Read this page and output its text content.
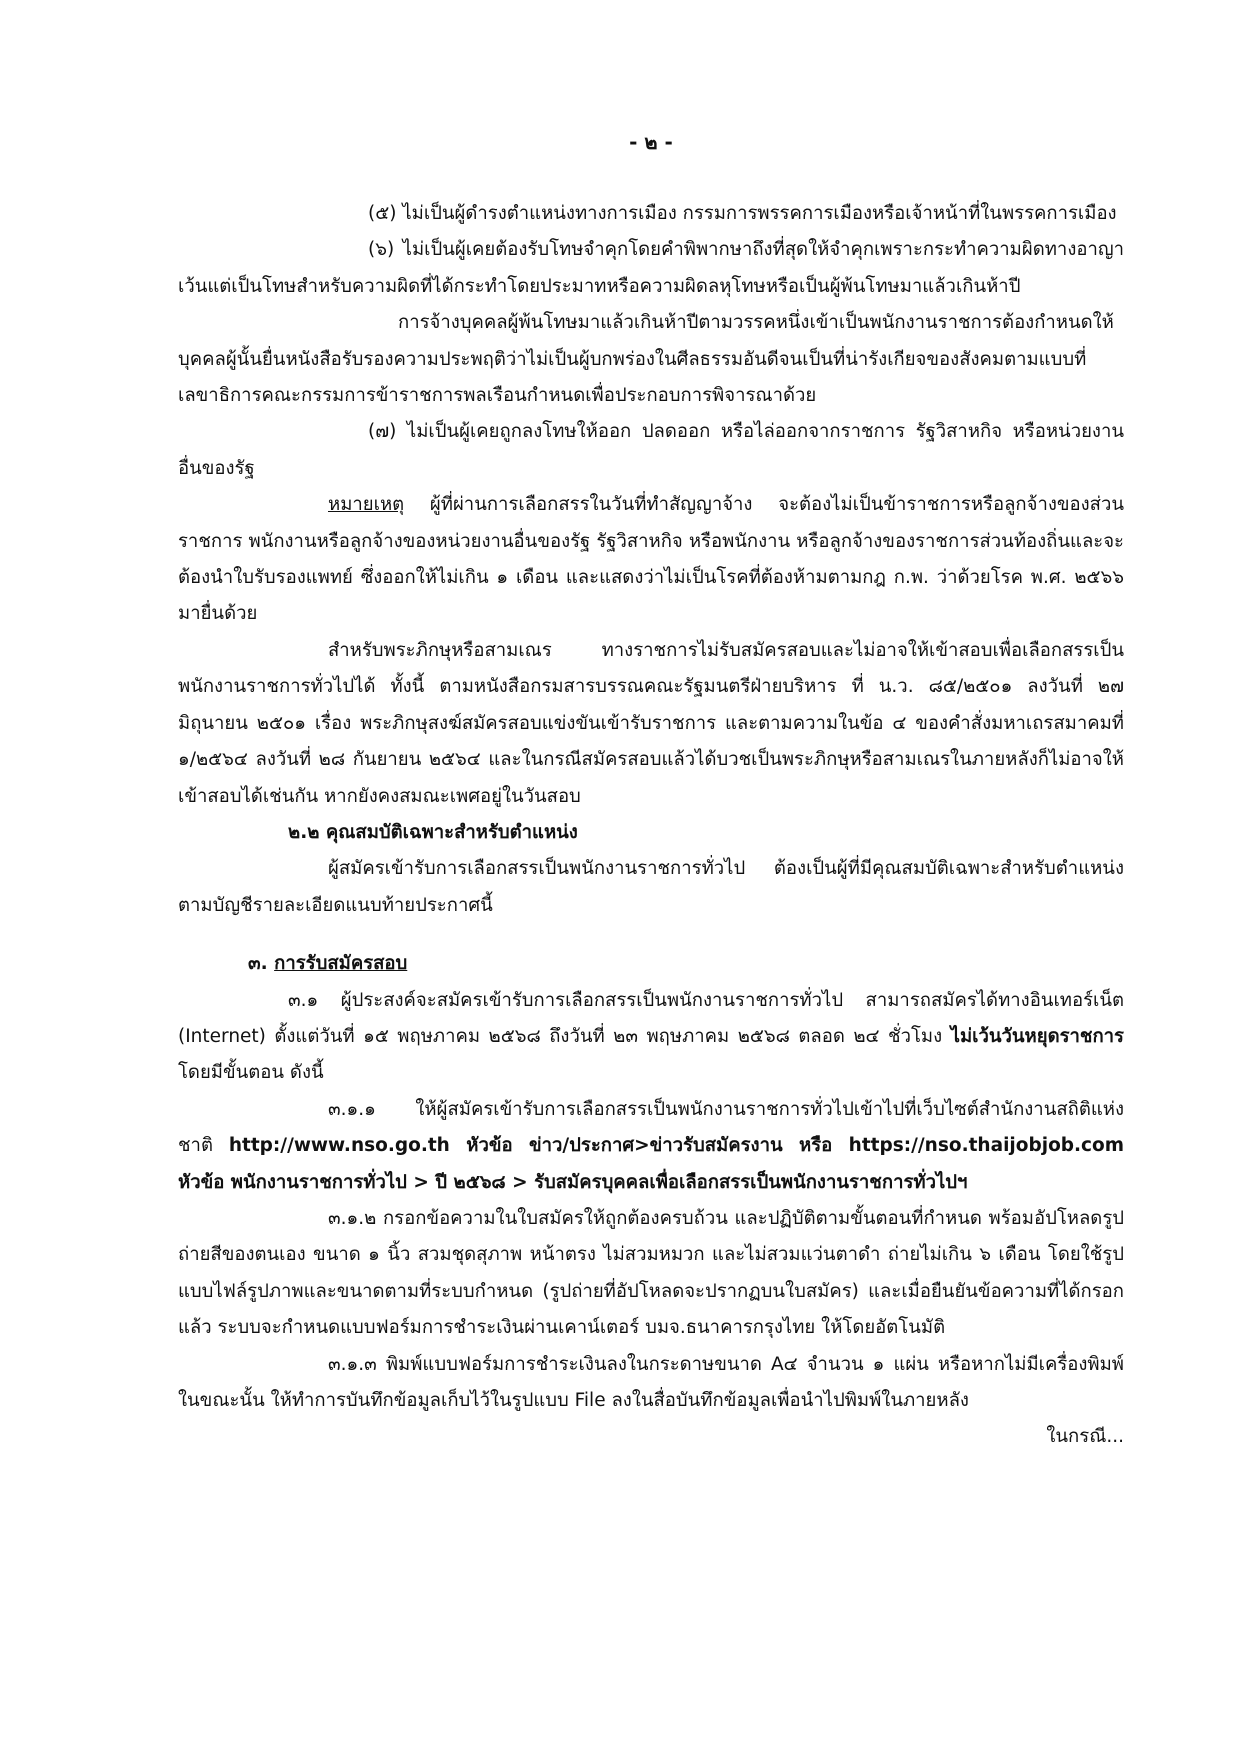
- ๒ -

(๕) ไม่เป็นผู้ดำรงตำแหน่งทางการเมือง กรรมการพรรคการเมืองหรือเจ้าหน้าที่ในพรรคการเมือง

(๖) ไม่เป็นผู้เคยต้องรับโทษจำคุกโดยคำพิพากษาถึงที่สุดให้จำคุกเพราะกระทำความผิดทางอาญาเว้นแต่เป็นโทษสำหรับความผิดที่ได้กระทำโดยประมาทหรือความผิดลหุโทษหรือเป็นผู้พ้นโทษมาแล้วเกินห้าปี

การจ้างบุคคลผู้พ้นโทษมาแล้วเกินห้าปีตามวรรคหนึ่งเข้าเป็นพนักงานราชการต้องกำหนดให้บุคคลผู้นั้นยื่นหนังสือรับรองความประพฤติว่าไม่เป็นผู้บกพร่องในศีลธรรมอันดีจนเป็นที่น่ารังเกียจของสังคมตามแบบที่เลขาธิการคณะกรรมการข้าราชการพลเรือนกำหนดเพื่อประกอบการพิจารณาด้วย

(๗) ไม่เป็นผู้เคยถูกลงโทษให้ออก ปลดออก หรือไล่ออกจากราชการ รัฐวิสาหกิจ หรือหน่วยงานอื่นของรัฐ

หมายเหตุ ผู้ที่ผ่านการเลือกสรรในวันที่ทำสัญญาจ้าง จะต้องไม่เป็นข้าราชการหรือลูกจ้างของส่วนราชการ พนักงานหรือลูกจ้างของหน่วยงานอื่นของรัฐ รัฐวิสาหกิจ หรือพนักงาน หรือลูกจ้างของราชการส่วนท้องถิ่นและจะต้องนำใบรับรองแพทย์ ซึ่งออกให้ไม่เกิน ๑ เดือน และแสดงว่าไม่เป็นโรคที่ต้องห้ามตามกฎ ก.พ. ว่าด้วยโรค พ.ศ. ๒๕๖๖ มายื่นด้วย

สำหรับพระภิกษุหรือสามเณร ทางราชการไม่รับสมัครสอบและไม่อาจให้เข้าสอบเพื่อเลือกสรรเป็นพนักงานราชการทั่วไปได้ ทั้งนี้ ตามหนังสือกรมสารบรรณคณะรัฐมนตรีฝ่ายบริหาร ที่ น.ว. ๘๕/๒๕๐๑ ลงวันที่ ๒๗ มิถุนายน ๒๕๐๑ เรื่อง พระภิกษุสงฆ์สมัครสอบแข่งขันเข้ารับราชการ และตามความในข้อ ๔ ของคำสั่งมหาเถรสมาคมที่ ๑/๒๕๖๔ ลงวันที่ ๒๘ กันยายน ๒๕๖๔ และในกรณีสมัครสอบแล้วได้บวชเป็นพระภิกษุหรือสามเณรในภายหลังก็ไม่อาจให้เข้าสอบได้เช่นกัน หากยังคงสมณะเพศอยู่ในวันสอบ

๒.๒ คุณสมบัติเฉพาะสำหรับตำแหน่ง

ผู้สมัครเข้ารับการเลือกสรรเป็นพนักงานราชการทั่วไป ต้องเป็นผู้ที่มีคุณสมบัติเฉพาะสำหรับตำแหน่ง ตามบัญชีรายละเอียดแนบท้ายประกาศนี้

๓. การรับสมัครสอบ

๓.๑ ผู้ประสงค์จะสมัครเข้ารับการเลือกสรรเป็นพนักงานราชการทั่วไป สามารถสมัครได้ทางอินเทอร์เน็ต (Internet) ตั้งแต่วันที่ ๑๕ พฤษภาคม ๒๕๖๘ ถึงวันที่ ๒๓ พฤษภาคม ๒๕๖๘ ตลอด ๒๔ ชั่วโมง ไม่เว้นวันหยุดราชการ โดยมีขั้นตอน ดังนี้

๓.๑.๑ ให้ผู้สมัครเข้ารับการเลือกสรรเป็นพนักงานราชการทั่วไปเข้าไปที่เว็บไซต์สำนักงานสถิติแห่งชาติ http://www.nso.go.th หัวข้อ ข่าว/ประกาศ>ข่าวรับสมัครงาน หรือ https://nso.thaijobjob.com หัวข้อ พนักงานราชการทั่วไป > ปี ๒๕๖๘ > รับสมัครบุคคลเพื่อเลือกสรรเป็นพนักงานราชการทั่วไปฯ

๓.๑.๒ กรอกข้อความในใบสมัครให้ถูกต้องครบถ้วน และปฏิบัติตามขั้นตอนที่กำหนด พร้อมอัปโหลดรูปถ่ายสีของตนเอง ขนาด ๑ นิ้ว สวมชุดสุภาพ หน้าตรง ไม่สวมหมวก และไม่สวมแว่นตาดำ ถ่ายไม่เกิน ๖ เดือน โดยใช้รูปแบบไฟล์รูปภาพและขนาดตามที่ระบบกำหนด (รูปถ่ายที่อัปโหลดจะปรากฏบนใบสมัคร) และเมื่อยืนยันข้อความที่ได้กรอกแล้ว ระบบจะกำหนดแบบฟอร์มการชำระเงินผ่านเคาน์เตอร์ บมจ.ธนาคารกรุงไทย ให้โดยอัตโนมัติ

๓.๑.๓ พิมพ์แบบฟอร์มการชำระเงินลงในกระดาษขนาด A๔ จำนวน ๑ แผ่น หรือหากไม่มีเครื่องพิมพ์ในขณะนั้น ให้ทำการบันทึกข้อมูลเก็บไว้ในรูปแบบ File ลงในสื่อบันทึกข้อมูลเพื่อนำไปพิมพ์ในภายหลัง

ในกรณี...
